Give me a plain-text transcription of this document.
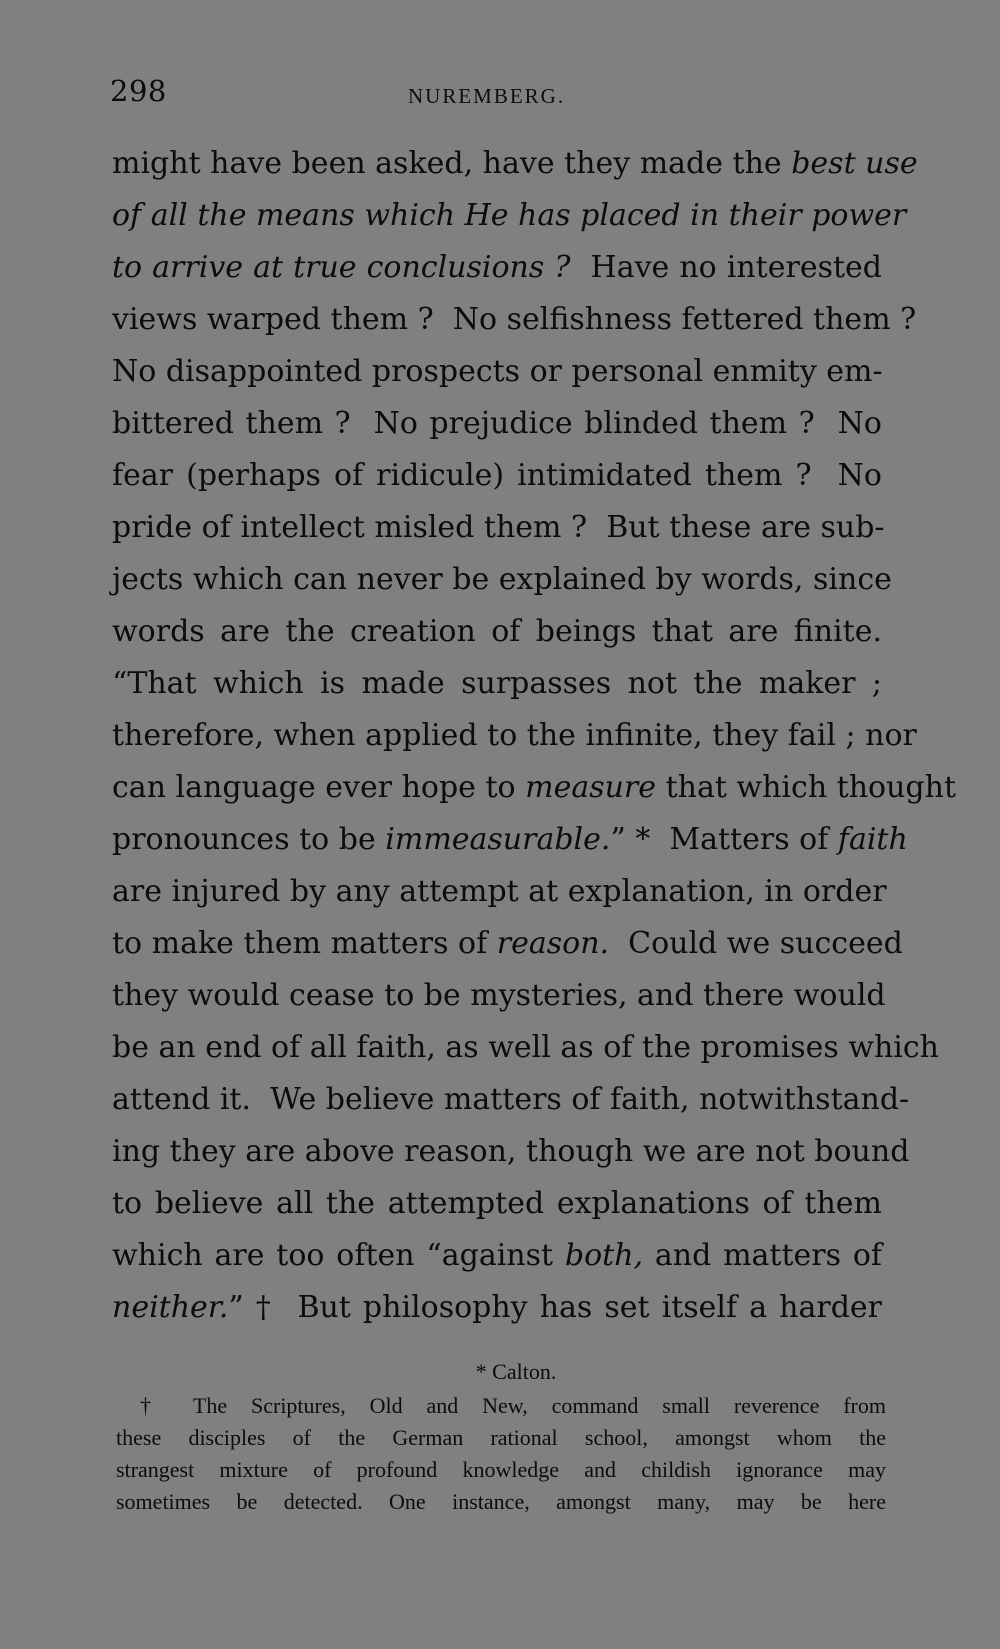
298	NUREMBERG.
might have been asked, have they made the best use
of all the means which He has placed in their power
to arrive at true conclusions ?  Have no interested
views warped them ?  No selfishness fettered them ?
No disappointed prospects or personal enmity em-
bittered them ?  No prejudice blinded them ?  No
fear (perhaps of ridicule) intimidated them ?  No
pride of intellect misled them ?  But these are sub-
jects which can never be explained by words, since
words are the creation of beings that are finite.
“That which is made surpasses not the maker ;
therefore, when applied to the infinite, they fail ; nor
can language ever hope to measure that which thought
pronounces to be immeasurable.” *  Matters of faith
are injured by any attempt at explanation, in order
to make them matters of reason.  Could we succeed
they would cease to be mysteries, and there would
be an end of all faith, as well as of the promises which
attend it.  We believe matters of faith, notwithstand-
ing they are above reason, though we are not bound
to believe all the attempted explanations of them
which are too often “against both, and matters of
neither.” †  But philosophy has set itself a harder
* Calton.
† The Scriptures, Old and New, command small reverence from
these disciples of the German rational school, amongst whom the
strangest mixture of profound knowledge and childish ignorance may
sometimes be detected. One instance, amongst many, may be here
